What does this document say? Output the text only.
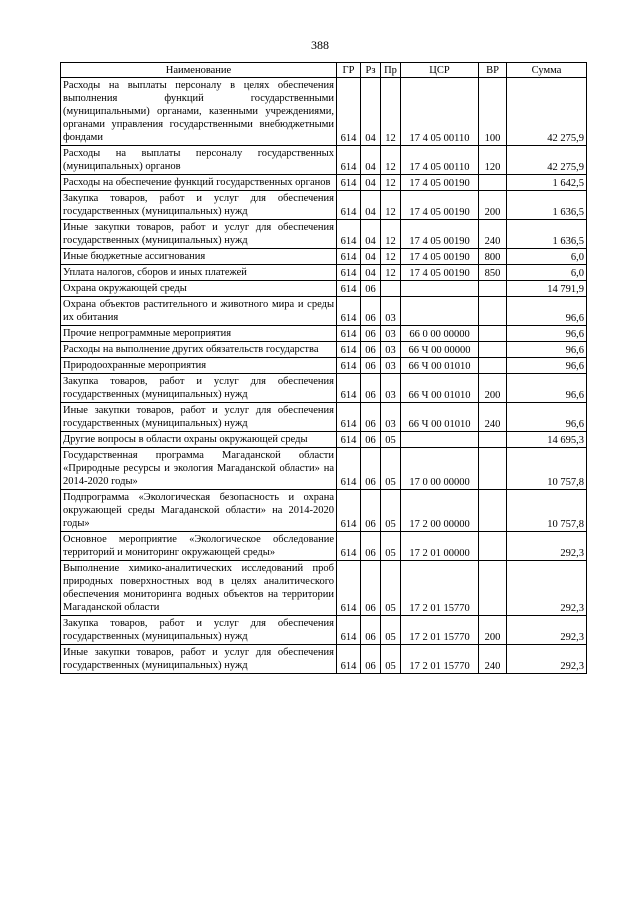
388
Наименование	ГР	Рз	Пр	ЦСР	ВР	Сумма
Расходы на выплаты персоналу в целях обеспечения выполнения функций государственными (муниципальными) органами, казенными учреждениями, органами управления государственными внебюджетными фондами	614	04	12	17 4 05 00110	100	42 275,9
Расходы на выплаты персоналу государственных (муниципальных) органов	614	04	12	17 4 05 00110	120	42 275,9
Расходы на обеспечение функций государственных органов	614	04	12	17 4 05 00190		1 642,5
Закупка товаров, работ и услуг для обеспечения государственных (муниципальных) нужд	614	04	12	17 4 05 00190	200	1 636,5
Иные закупки товаров, работ и услуг для обеспечения государственных (муниципальных) нужд	614	04	12	17 4 05 00190	240	1 636,5
Иные бюджетные ассигнования	614	04	12	17 4 05 00190	800	6,0
Уплата налогов, сборов и иных платежей	614	04	12	17 4 05 00190	850	6,0
Охрана окружающей среды	614	06				14 791,9
Охрана объектов растительного и животного мира и среды их обитания	614	06	03			96,6
Прочие непрограммные мероприятия	614	06	03	66 0 00 00000		96,6
Расходы на выполнение других обязательств государства	614	06	03	66 Ч 00 00000		96,6
Природоохранные мероприятия	614	06	03	66 Ч 00 01010		96,6
Закупка товаров, работ и услуг для обеспечения государственных (муниципальных) нужд	614	06	03	66 Ч 00 01010	200	96,6
Иные закупки товаров, работ и услуг для обеспечения государственных (муниципальных) нужд	614	06	03	66 Ч 00 01010	240	96,6
Другие вопросы в области охраны окружающей среды	614	06	05			14 695,3
Государственная программа Магаданской области «Природные ресурсы и экология Магаданской области» на 2014-2020 годы»	614	06	05	17 0 00 00000		10 757,8
Подпрограмма «Экологическая безопасность и охрана окружающей среды Магаданской области» на 2014-2020 годы»	614	06	05	17 2 00 00000		10 757,8
Основное мероприятие «Экологическое обследование территорий и мониторинг окружающей среды»	614	06	05	17 2 01 00000		292,3
Выполнение химико-аналитических исследований проб природных поверхностных вод в целях аналитического обеспечения мониторинга водных объектов на территории Магаданской области	614	06	05	17 2 01 15770		292,3
Закупка товаров, работ и услуг для обеспечения государственных (муниципальных) нужд	614	06	05	17 2 01 15770	200	292,3
Иные закупки товаров, работ и услуг для обеспечения государственных (муниципальных) нужд	614	06	05	17 2 01 15770	240	292,3
